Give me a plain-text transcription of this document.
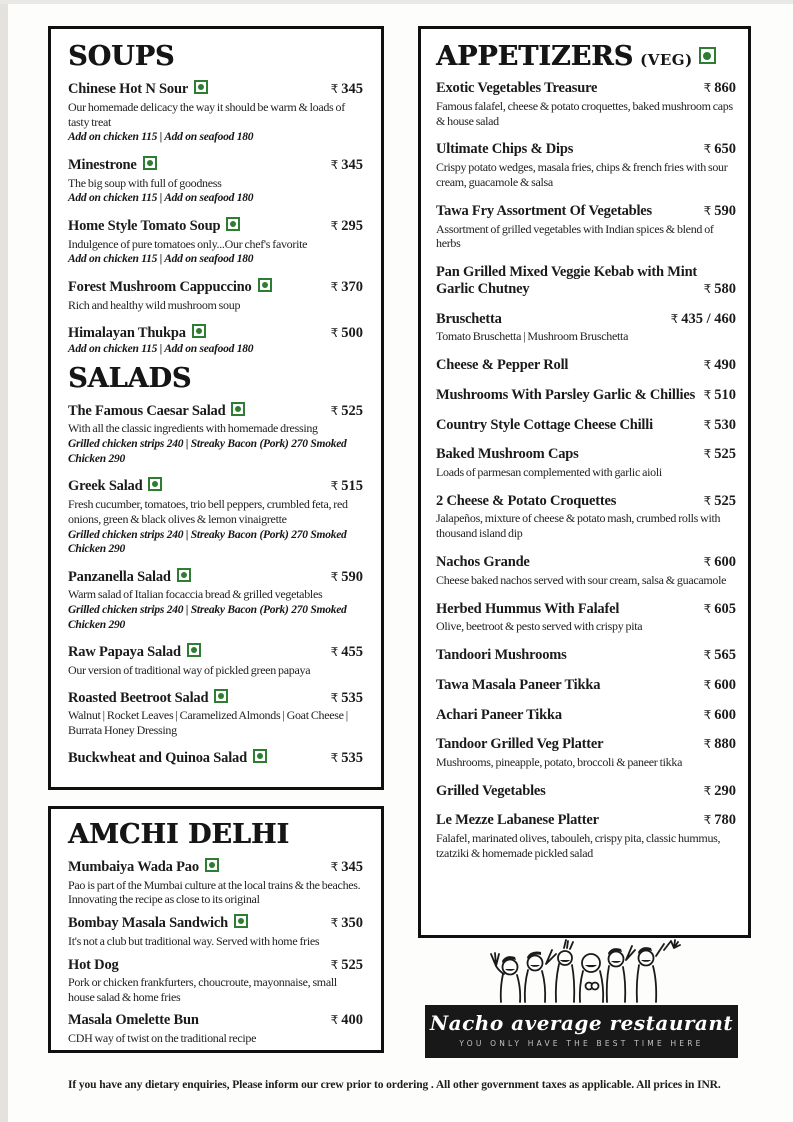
SOUPS
Chinese Hot N Sour	₹ 345
Our homemade delicacy the way it should be warm & loads of tasty treat
Add on chicken 115 | Add on seafood 180
Minestrone	₹ 345
The big soup with full of goodness
Add on chicken 115 | Add on seafood 180
Home Style Tomato Soup	₹ 295
Indulgence of pure tomatoes only...Our chef's favorite
Add on chicken 115 | Add on seafood 180
Forest Mushroom Cappuccino	₹ 370
Rich and healthy wild mushroom soup
Himalayan Thukpa	₹ 500
Add on chicken 115 | Add on seafood 180
SALADS
The Famous Caesar Salad	₹ 525
With all the classic ingredients with homemade dressing
Grilled chicken strips 240 | Streaky Bacon (Pork) 270 Smoked Chicken 290
Greek Salad	₹ 515
Fresh cucumber, tomatoes, trio bell peppers, crumbled feta, red onions, green & black olives & lemon vinaigrette
Grilled chicken strips 240 | Streaky Bacon (Pork) 270 Smoked Chicken 290
Panzanella Salad	₹ 590
Warm salad of Italian focaccia bread & grilled vegetables
Grilled chicken strips 240 | Streaky Bacon (Pork) 270 Smoked Chicken 290
Raw Papaya Salad	₹ 455
Our version of traditional way of pickled green papaya
Roasted Beetroot Salad	₹ 535
Walnut | Rocket Leaves | Caramelized Almonds | Goat Cheese | Burrata Honey Dressing
Buckwheat and Quinoa Salad	₹ 535
AMCHI DELHI
Mumbaiya Wada Pao	₹ 345
Pao is part of the Mumbai culture at the local trains & the beaches. Innovating the recipe as close to its original
Bombay Masala Sandwich	₹ 350
It's not a club but traditional way. Served with home fries
Hot Dog	₹ 525
Pork or chicken frankfurters, choucroute, mayonnaise, small house salad & home fries
Masala Omelette Bun	₹ 400
CDH way of twist on the traditional recipe
APPETIZERS (VEG)
Exotic Vegetables Treasure	₹ 860
Famous falafel, cheese & potato croquettes, baked mushroom caps & house salad
Ultimate Chips & Dips	₹ 650
Crispy potato wedges, masala fries, chips & french fries with sour cream, guacamole & salsa
Tawa Fry Assortment Of Vegetables	₹ 590
Assortment of grilled vegetables with Indian spices & blend of herbs
Pan Grilled Mixed Veggie Kebab with Mint Garlic Chutney	₹ 580
Bruschetta	₹ 435 / 460
Tomato Bruschetta | Mushroom Bruschetta
Cheese & Pepper Roll	₹ 490
Mushrooms With Parsley Garlic & Chillies ₹ 510
Country Style Cottage Cheese Chilli	₹ 530
Baked Mushroom Caps	₹ 525
Loads of parmesan complemented with garlic aioli
2 Cheese & Potato Croquettes	₹ 525
Jalapeños, mixture of cheese & potato mash, crumbed rolls with thousand island dip
Nachos Grande	₹ 600
Cheese baked nachos served with sour cream, salsa & guacamole
Herbed Hummus With Falafel	₹ 605
Olive, beetroot & pesto served with crispy pita
Tandoori Mushrooms	₹ 565
Tawa Masala Paneer Tikka	₹ 600
Achari Paneer Tikka	₹ 600
Tandoor Grilled Veg Platter	₹ 880
Mushrooms, pineapple, potato, broccoli & paneer tikka
Grilled Vegetables	₹ 290
Le Mezze Labanese Platter	₹ 780
Falafel, marinated olives, tabouleh, crispy pita, classic hummus, tzatziki & homemade pickled salad
Nacho average restaurant
YOU ONLY HAVE THE BEST TIME HERE
If you have any dietary enquiries, Please inform our crew prior to ordering . All other government taxes as applicable. All prices in INR.
